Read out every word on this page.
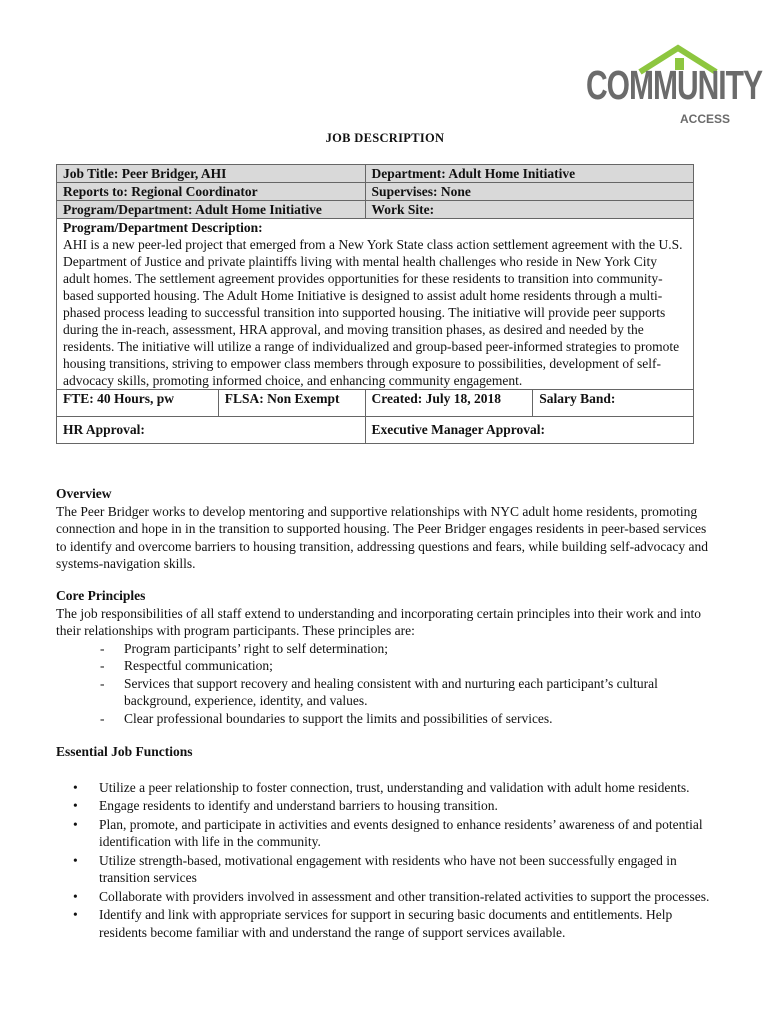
COMMUNITY
ACCESS
JOB DESCRIPTION
Job Title: Peer Bridger, AHI		Department: Adult Home Initiative	
Reports to: Regional Coordinator		Supervises: None	
Program/Department: Adult Home Initiative		Work Site:	

Program/Department Description:
AHI is a new peer-led project that emerged from a New York State class action settlement agreement with the U.S. Department of Justice and private plaintiffs living with mental health challenges who reside in New York City adult homes. The settlement agreement provides opportunities for these residents to transition into community-based supported housing. The Adult Home Initiative is designed to assist adult home residents through a multi-phased process leading to successful transition into supported housing. The initiative will provide peer supports during the in-reach, assessment, HRA approval, and moving transition phases, as desired and needed by the residents. The initiative will utilize a range of individualized and group-based peer-informed strategies to promote housing transitions, striving to empower class members through exposure to possibilities, development of self-advocacy skills, promoting informed choice, and enhancing community engagement.			

FTE: 40 Hours, pw	FLSA: Non Exempt	Created: July 18, 2018	Salary Band:
HR Approval:		Executive Manager Approval:	
Overview

The Peer Bridger works to develop mentoring and supportive relationships with NYC adult home residents, promoting connection and hope in in the transition to supported housing. The Peer Bridger engages residents in peer-based services to identify and overcome barriers to housing transition, addressing questions and fears, while building self-advocacy and systems-navigation skills.

Core Principles

The job responsibilities of all staff extend to understanding and incorporating certain principles into their work and into their relationships with program participants. These principles are:

- Program participants’ right to self determination;
- Respectful communication;
- Services that support recovery and healing consistent with and nurturing each participant’s cultural background, experience, identity, and values.
- Clear professional boundaries to support the limits and possibilities of services.
Essential Job Functions
• Utilize a peer relationship to foster connection, trust, understanding and validation with adult home residents.
• Engage residents to identify and understand barriers to housing transition.
• Plan, promote, and participate in activities and events designed to enhance residents’ awareness of and potential identification with life in the community.
• Utilize strength-based, motivational engagement with residents who have not been successfully engaged in transition services
• Collaborate with providers involved in assessment and other transition-related activities to support the processes.
• Identify and link with appropriate services for support in securing basic documents and entitlements. Help residents become familiar with and understand the range of support services available.
